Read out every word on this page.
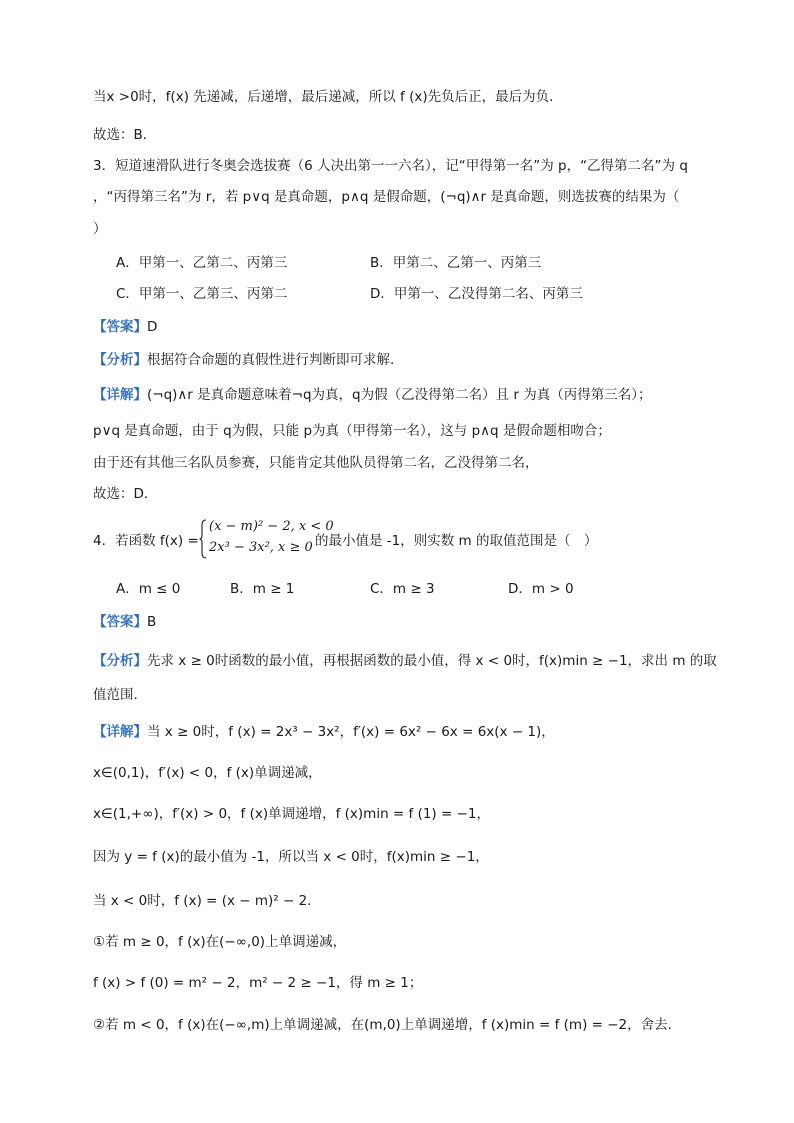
当x >0时，f(x) 先递减，后递增，最后递减，所以 f (x)先负后正，最后为负．
故选：B．
3．短道速滑队进行冬奥会选拔赛（6 人决出第一一六名），记“甲得第一名”为 p，“乙得第二名”为 q
，“丙得第三名”为 r，若 p∨q 是真命题，p∧q 是假命题，(¬q)∧r 是真命题，则选拔赛的结果为（
）
A．甲第一、乙第二、丙第三	B．甲第二、乙第一、丙第三
C．甲第一、乙第三、丙第二	D．甲第一、乙没得第二名、丙第三
【答案】D
【分析】根据符合命题的真假性进行判断即可求解.
【详解】(¬q)∧r 是真命题意味着¬q为真，q为假（乙没得第二名）且 r 为真（丙得第三名）；
p∨q 是真命题，由于 q为假，只能 p为真（甲得第一名），这与 p∧q 是假命题相吻合；
由于还有其他三名队员参赛，只能肯定其他队员得第二名，乙没得第二名，
故选：D．
4．若函数 f(x) =
(x − m)² − 2, x < 0
2x³ − 3x², x ≥ 0 的最小值是 -1，则实数 m 的取值范围是（　）
A．m ≤ 0	B．m ≥ 1	C．m ≥ 3	D．m > 0
【答案】B
【分析】先求 x ≥ 0时函数的最小值，再根据函数的最小值，得 x < 0时，f(x)min ≥ −1，求出 m 的取
值范围.
【详解】当 x ≥ 0时，f (x) = 2x³ − 3x²，f′(x) = 6x² − 6x = 6x(x − 1)，
x∈(0,1)，f′(x) < 0，f (x)单调递减，
x∈(1,+∞)，f′(x) > 0，f (x)单调递增，f (x)min = f (1) = −1，
因为 y = f (x)的最小值为 -1，所以当 x < 0时，f(x)min ≥ −1，
当 x < 0时，f (x) = (x − m)² − 2.
①若 m ≥ 0，f (x)在(−∞,0)上单调递减，
f (x) > f (0) = m² − 2，m² − 2 ≥ −1，得 m ≥ 1；
②若 m < 0，f (x)在(−∞,m)上单调递减，在(m,0)上单调递增，f (x)min = f (m) = −2，舍去.
